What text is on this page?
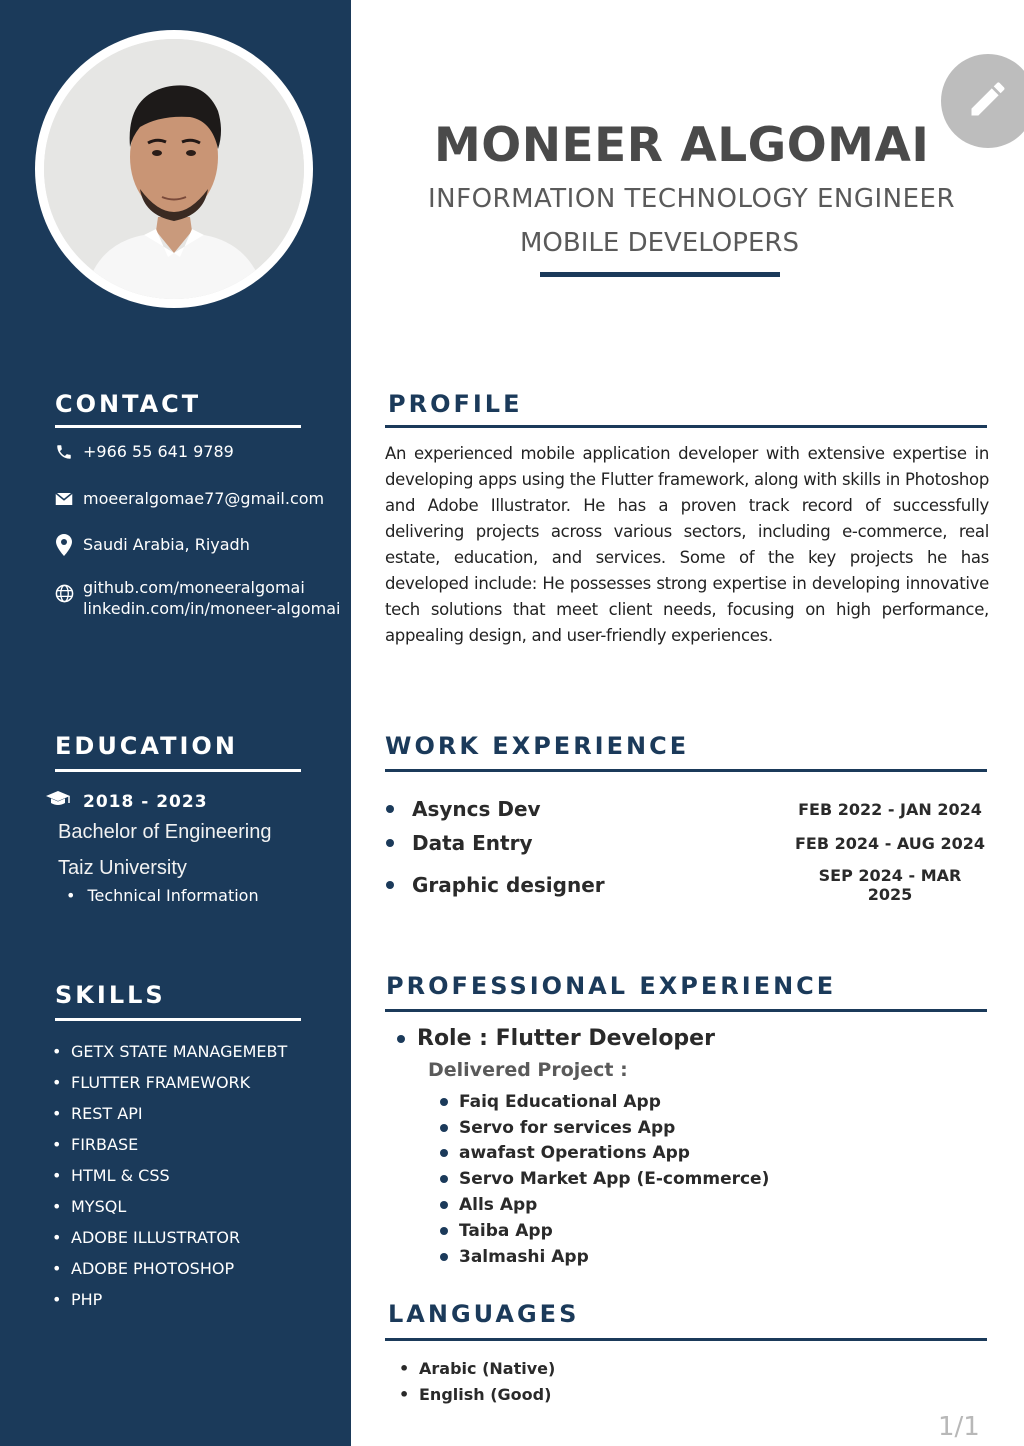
CONTACT
+966 55 641 9789
moeeralgomae77@gmail.com
Saudi Arabia, Riyadh
github.com/moneeralgomai
linkedin.com/in/moneer-algomai
EDUCATION
2018 - 2023
Bachelor of Engineering
Taiz University
• Technical Information
SKILLS
• GETX STATE MANAGEMEBT
• FLUTTER FRAMEWORK
• REST API
• FIRBASE
• HTML & CSS
• MYSQL
• ADOBE ILLUSTRATOR
• ADOBE PHOTOSHOP
• PHP
MONEER ALGOMAI
INFORMATION TECHNOLOGY ENGINEER
MOBILE DEVELOPERS
PROFILE
An experienced mobile application developer with extensive expertise in developing apps using the Flutter framework, along with skills in Photoshop and Adobe Illustrator. He has a proven track record of successfully delivering projects across various sectors, including e-commerce, real estate, education, and services. Some of the key projects he has developed include: He possesses strong expertise in developing innovative tech solutions that meet client needs, focusing on high performance, appealing design, and user-friendly experiences.
WORK EXPERIENCE
Asyncs Dev	FEB 2022 - JAN 2024
Data Entry	FEB 2024 - AUG 2024
Graphic designer	SEP 2024 - MAR 2025
PROFESSIONAL EXPERIENCE
Role : Flutter Developer
Delivered Project :
Faiq Educational App
Servo for services App
awafast Operations App
Servo Market App (E-commerce)
Alls App
Taiba App
3almashi App
LANGUAGES
• Arabic (Native)
• English (Good)
1/1
